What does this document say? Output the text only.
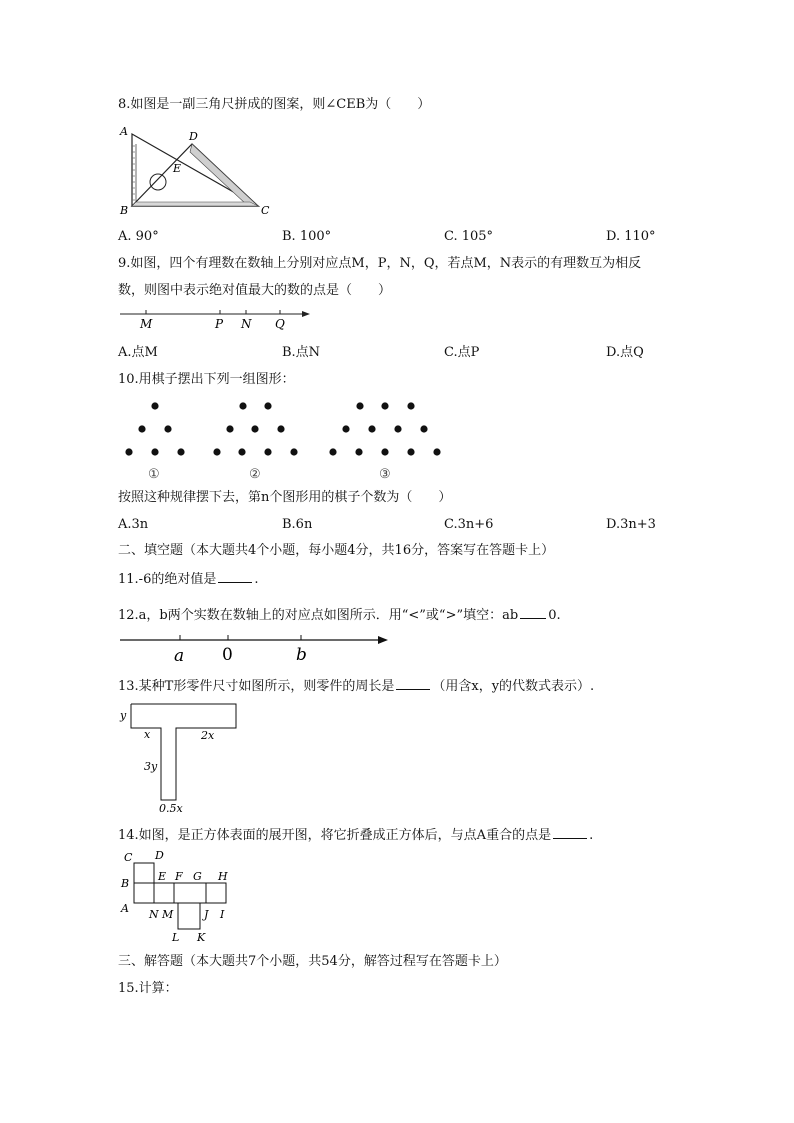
8.如图是一副三角尺拼成的图案，则∠CEB为（　　）
A
B	C
D
E
A. 90°	B. 100°	C. 105°	D. 110°
9.如图，四个有理数在数轴上分别对应点M，P，N，Q，若点M，N表示的有理数互为相反
数，则图中表示绝对值最大的数的点是（　　）
M	P N Q
A.点M	B.点N	C.点P	D.点Q
10.用棋子摆出下列一组图形：
①	②	③
按照这种规律摆下去，第n个图形用的棋子个数为（　　）
A.3n	B.6n	C.3n+6	D.3n+3
二、填空题（本大题共4个小题，每小题4分，共16分，答案写在答题卡上）
11.-6的绝对值是	.
12.a，b两个实数在数轴上的对应点如图所示．用“<”或“>”填空：ab 0.
a 0	b
13.某种T形零件尺寸如图所示，则零件的周长是	（用含x，y的代数式表示）.
y
x	2x
3y
0.5x
14.如图，是正方体表面的展开图，将它折叠成正方体后，与点A重合的点是	.
C D
B
E F G H
A N M	J I
L K
三、解答题（本大题共7个小题，共54分，解答过程写在答题卡上）
15.计算：
